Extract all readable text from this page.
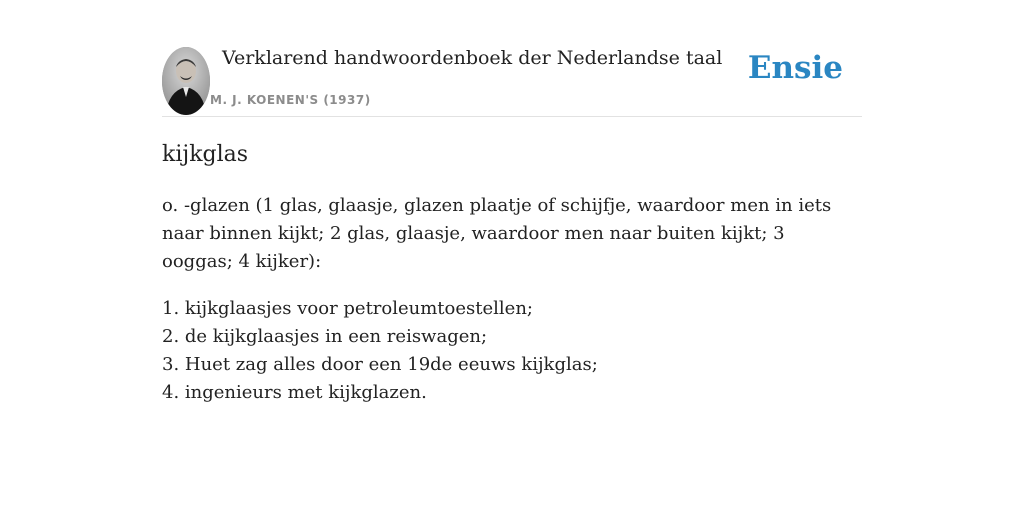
Verklarend handwoordenboek der Nederlandse taal
M. J. KOENEN'S (1937)
Ensie
kijkglas

o. -glazen (1 glas, glaasje, glazen plaatje of schijfje, waardoor men in iets naar binnen kijkt; 2 glas, glaasje, waardoor men naar buiten kijkt; 3 ooggas; 4 kijker):

1. kijkglaasjes voor petroleumtoestellen;
2. de kijkglaasjes in een reiswagen;
3. Huet zag alles door een 19de eeuws kijkglas;
4. ingenieurs met kijkglazen.
